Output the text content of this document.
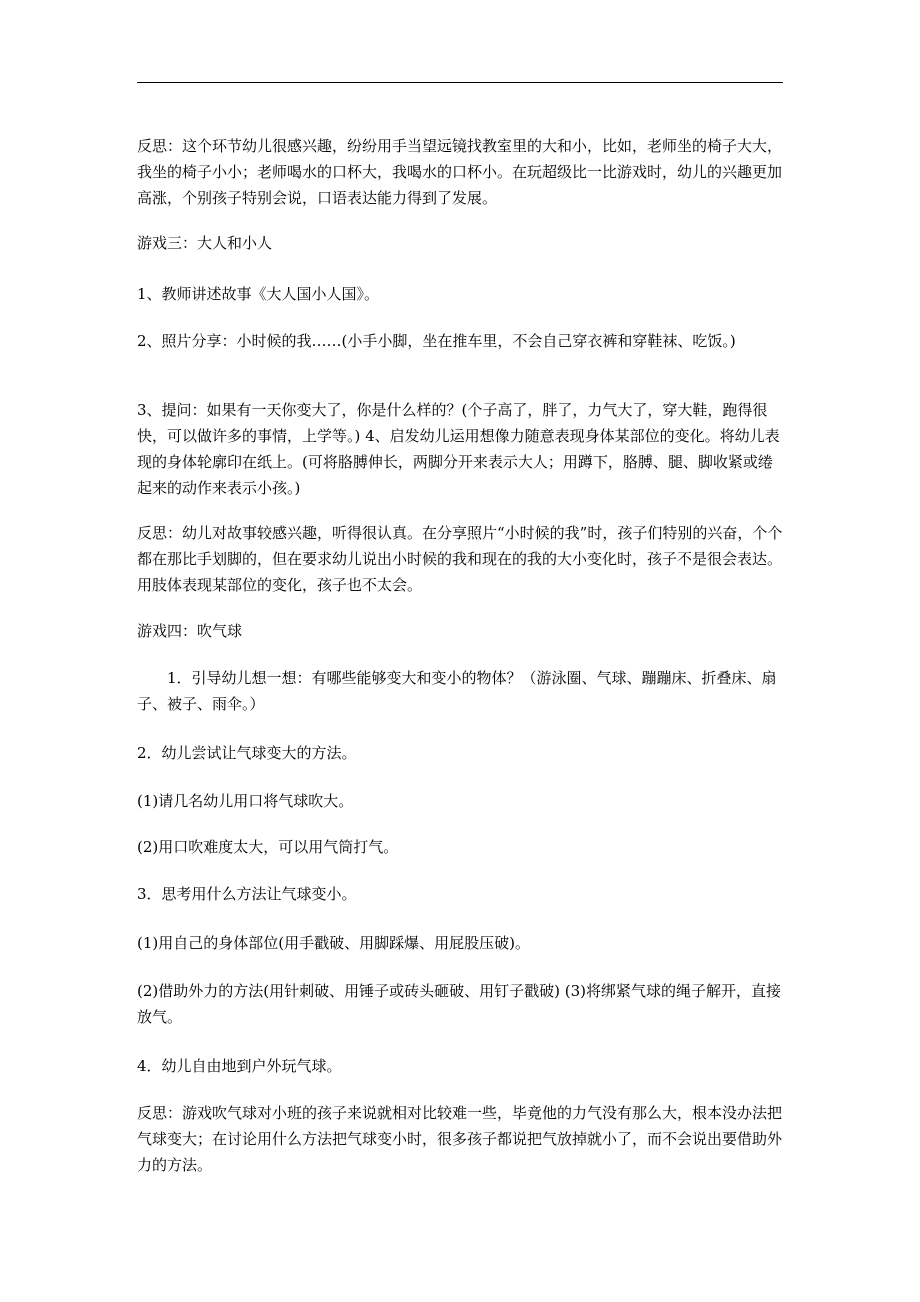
反思：这个环节幼儿很感兴趣，纷纷用手当望远镜找教室里的大和小，比如，老师坐的椅子大大，我坐的椅子小小；老师喝水的口杯大，我喝水的口杯小。在玩超级比一比游戏时，幼儿的兴趣更加高涨，个别孩子特别会说，口语表达能力得到了发展。

游戏三：大人和小人

1、教师讲述故事《大人国小人国》。

2、照片分享：小时候的我……(小手小脚，坐在推车里，不会自己穿衣裤和穿鞋袜、吃饭。)

3、提问：如果有一天你变大了，你是什么样的？(个子高了，胖了，力气大了，穿大鞋，跑得很快，可以做许多的事情，上学等。) 4、启发幼儿运用想像力随意表现身体某部位的变化。将幼儿表现的身体轮廓印在纸上。(可将胳膊伸长，两脚分开来表示大人；用蹲下，胳膊、腿、脚收紧或绻起来的动作来表示小孩。)

反思：幼儿对故事较感兴趣，听得很认真。在分享照片“小时候的我”时，孩子们特别的兴奋，个个都在那比手划脚的，但在要求幼儿说出小时候的我和现在的我的大小变化时，孩子不是很会表达。用肢体表现某部位的变化，孩子也不太会。

游戏四：吹气球

1．引导幼儿想一想：有哪些能够变大和变小的物体？（游泳圈、气球、蹦蹦床、折叠床、扇子、被子、雨伞。）

2．幼儿尝试让气球变大的方法。

(1)请几名幼儿用口将气球吹大。

(2)用口吹难度太大，可以用气筒打气。

3．思考用什么方法让气球变小。

(1)用自己的身体部位(用手戳破、用脚踩爆、用屁股压破)。

(2)借助外力的方法(用针刺破、用锤子或砖头砸破、用钉子戳破) (3)将绑紧气球的绳子解开，直接放气。

4．幼儿自由地到户外玩气球。

反思：游戏吹气球对小班的孩子来说就相对比较难一些，毕竟他的力气没有那么大，根本没办法把气球变大；在讨论用什么方法把气球变小时，很多孩子都说把气放掉就小了，而不会说出要借助外力的方法。
